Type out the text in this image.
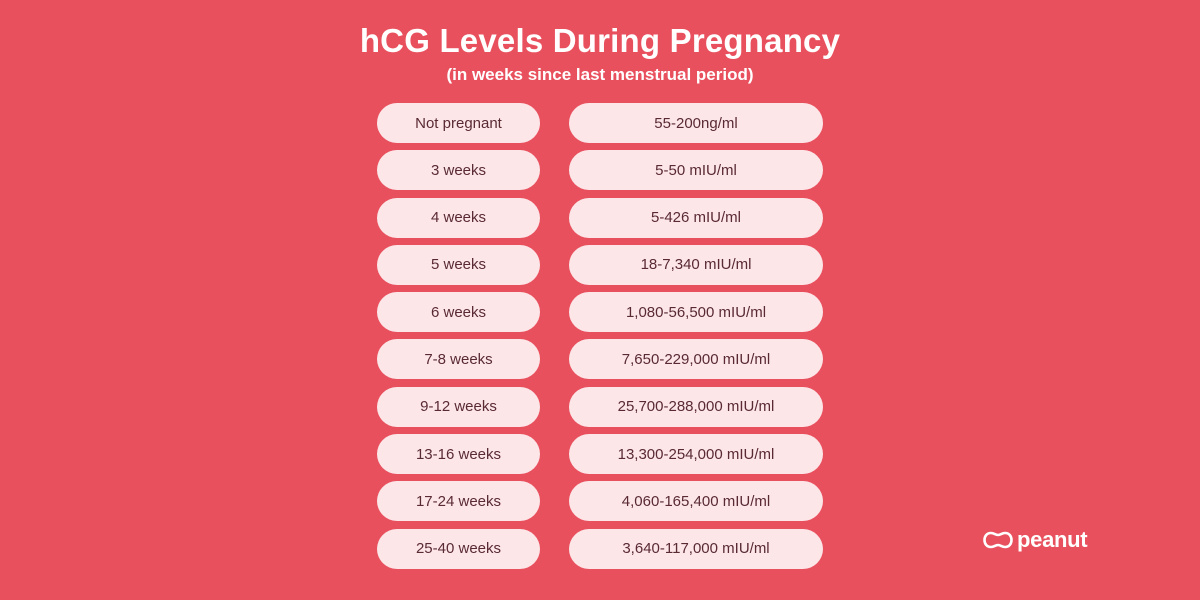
hCG Levels During Pregnancy
(in weeks since last menstrual period)
Not pregnant	55-200ng/ml
3 weeks	5-50 mIU/ml
4 weeks	5-426 mIU/ml
5 weeks	18-7,340 mIU/ml
6 weeks	1,080-56,500 mIU/ml
7-8 weeks	7,650-229,000 mIU/ml
9-12 weeks	25,700-288,000 mIU/ml
13-16 weeks	13,300-254,000 mIU/ml
17-24 weeks	4,060-165,400 mIU/ml
25-40 weeks	3,640-117,000 mIU/ml	peanut
